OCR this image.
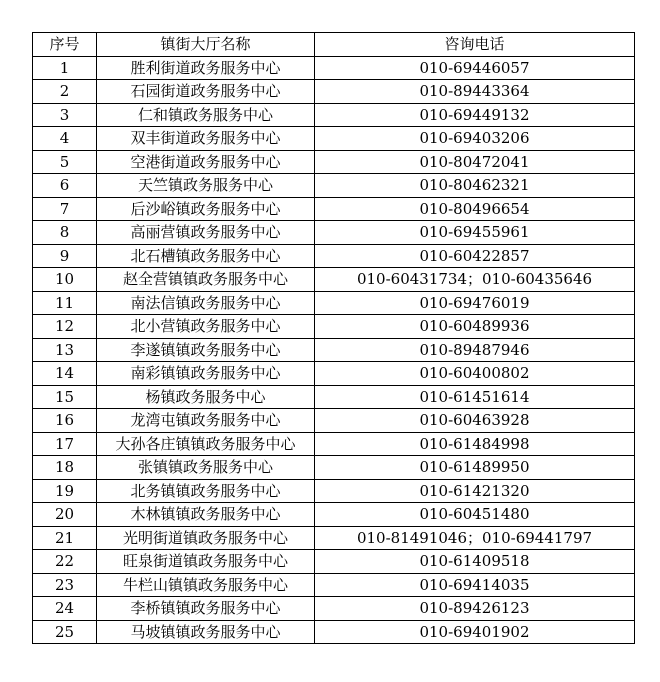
序号	镇街大厅名称	咨询电话
1	胜利街道政务服务中心	010-69446057
2	石园街道政务服务中心	010-89443364
3	仁和镇政务服务中心	010-69449132
4	双丰街道政务服务中心	010-69403206
5	空港街道政务服务中心	010-80472041
6	天竺镇政务服务中心	010-80462321
7	后沙峪镇政务服务中心	010-80496654
8	高丽营镇政务服务中心	010-69455961
9	北石槽镇政务服务中心	010-60422857
10	赵全营镇镇政务服务中心	010-60431734；010-60435646
11	南法信镇政务服务中心	010-69476019
12	北小营镇政务服务中心	010-60489936
13	李遂镇镇政务服务中心	010-89487946
14	南彩镇镇政务服务中心	010-60400802
15	杨镇政务服务中心	010-61451614
16	龙湾屯镇政务服务中心	010-60463928
17	大孙各庄镇镇政务服务中心	010-61484998
18	张镇镇政务服务中心	010-61489950
19	北务镇镇政务服务中心	010-61421320
20	木林镇镇政务服务中心	010-60451480
21	光明街道镇政务服务中心	010-81491046；010-69441797
22	旺泉街道镇政务服务中心	010-61409518
23	牛栏山镇镇政务服务中心	010-69414035
24	李桥镇镇政务服务中心	010-89426123
25	马坡镇镇政务服务中心	010-69401902
